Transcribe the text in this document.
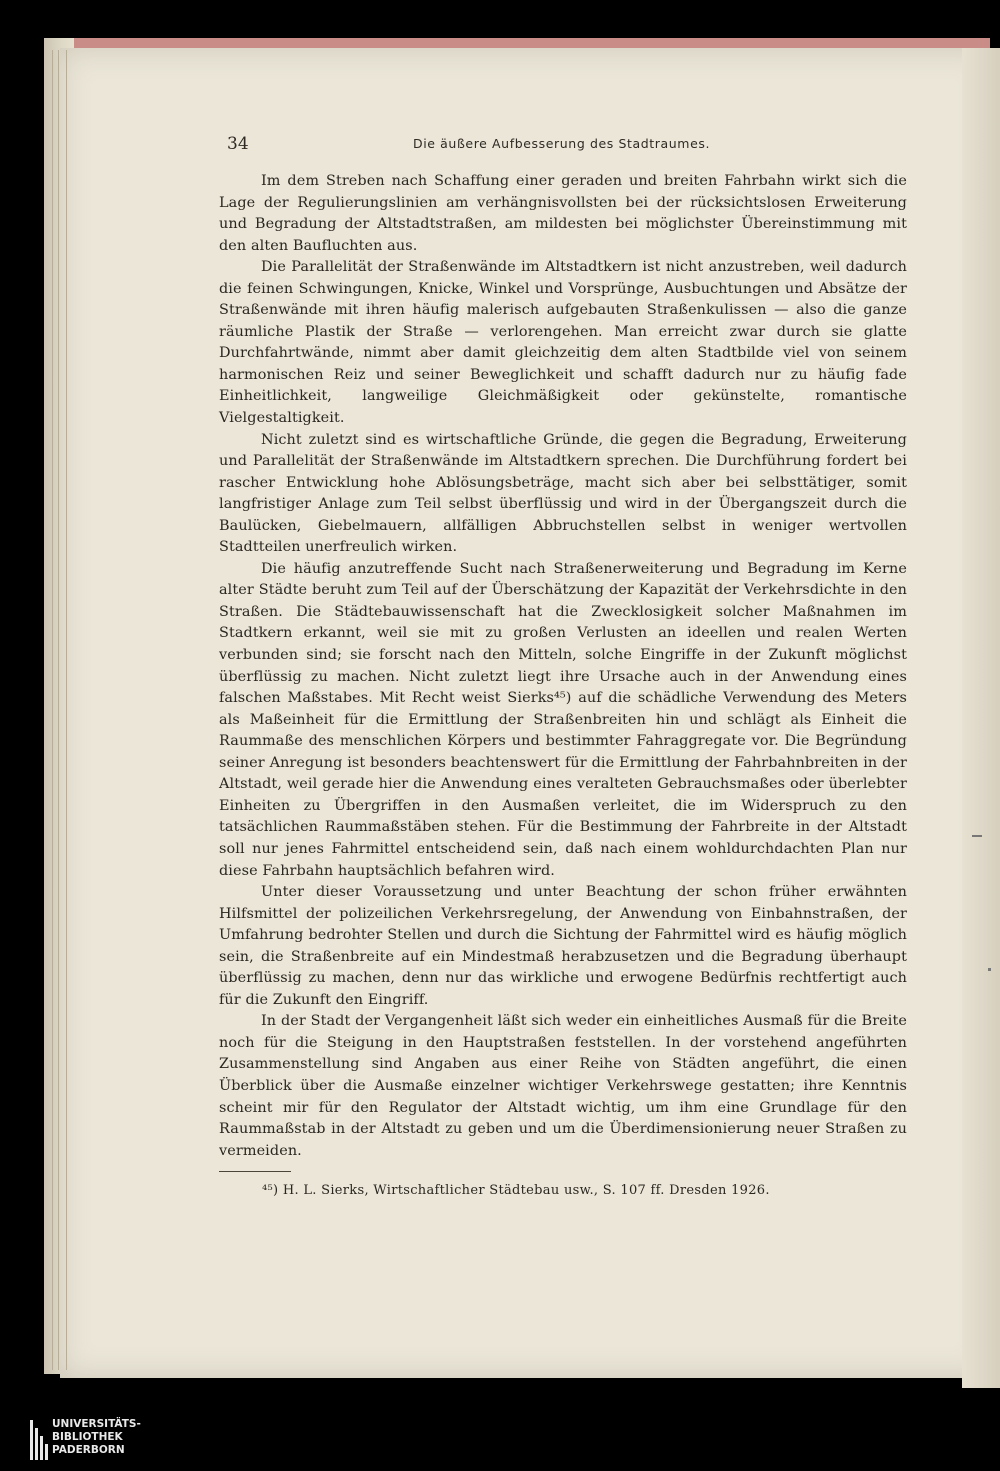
34	Die äußere Aufbesserung des Stadtraumes.

Im dem Streben nach Schaffung einer geraden und breiten Fahrbahn wirkt sich die Lage der Regulierungslinien am verhängnisvollsten bei der rücksichtslosen Erweiterung und Begradung der Altstadtstraßen, am mildesten bei möglichster Übereinstimmung mit den alten Baufluchten aus.

Die Parallelität der Straßenwände im Altstadtkern ist nicht anzustreben, weil dadurch die feinen Schwingungen, Knicke, Winkel und Vorsprünge, Ausbuchtungen und Absätze der Straßenwände mit ihren häufig malerisch aufgebauten Straßenkulissen — also die ganze räumliche Plastik der Straße — verlorengehen. Man erreicht zwar durch sie glatte Durchfahrtwände, nimmt aber damit gleichzeitig dem alten Stadtbilde viel von seinem harmonischen Reiz und seiner Beweglichkeit und schafft dadurch nur zu häufig fade Einheitlichkeit, langweilige Gleichmäßigkeit oder gekünstelte, romantische Vielgestaltigkeit.

Nicht zuletzt sind es wirtschaftliche Gründe, die gegen die Begradung, Erweiterung und Parallelität der Straßenwände im Altstadtkern sprechen. Die Durchführung fordert bei rascher Entwicklung hohe Ablösungsbeträge, macht sich aber bei selbsttätiger, somit langfristiger Anlage zum Teil selbst überflüssig und wird in der Übergangszeit durch die Baulücken, Giebelmauern, allfälligen Abbruchstellen selbst in weniger wertvollen Stadtteilen unerfreulich wirken.

Die häufig anzutreffende Sucht nach Straßenerweiterung und Begradung im Kerne alter Städte beruht zum Teil auf der Überschätzung der Kapazität der Verkehrsdichte in den Straßen. Die Städtebauwissenschaft hat die Zwecklosigkeit solcher Maßnahmen im Stadtkern erkannt, weil sie mit zu großen Verlusten an ideellen und realen Werten verbunden sind; sie forscht nach den Mitteln, solche Eingriffe in der Zukunft möglichst überflüssig zu machen. Nicht zuletzt liegt ihre Ursache auch in der Anwendung eines falschen Maßstabes. Mit Recht weist Sierks⁴⁵) auf die schädliche Verwendung des Meters als Maßeinheit für die Ermittlung der Straßenbreiten hin und schlägt als Einheit die Raummaße des menschlichen Körpers und bestimmter Fahraggregate vor. Die Begründung seiner Anregung ist besonders beachtenswert für die Ermittlung der Fahrbahnbreiten in der Altstadt, weil gerade hier die Anwendung eines veralteten Gebrauchsmaßes oder überlebter Einheiten zu Übergriffen in den Ausmaßen verleitet, die im Widerspruch zu den tatsächlichen Raummaßstäben stehen. Für die Bestimmung der Fahrbreite in der Altstadt soll nur jenes Fahrmittel entscheidend sein, daß nach einem wohldurchdachten Plan nur diese Fahrbahn hauptsächlich befahren wird.

Unter dieser Voraussetzung und unter Beachtung der schon früher erwähnten Hilfsmittel der polizeilichen Verkehrsregelung, der Anwendung von Einbahnstraßen, der Umfahrung bedrohter Stellen und durch die Sichtung der Fahrmittel wird es häufig möglich sein, die Straßenbreite auf ein Mindestmaß herabzusetzen und die Begradung überhaupt überflüssig zu machen, denn nur das wirkliche und erwogene Bedürfnis rechtfertigt auch für die Zukunft den Eingriff.

In der Stadt der Vergangenheit läßt sich weder ein einheitliches Ausmaß für die Breite noch für die Steigung in den Hauptstraßen feststellen. In der vorstehend angeführten Zusammenstellung sind Angaben aus einer Reihe von Städten angeführt, die einen Überblick über die Ausmaße einzelner wichtiger Verkehrswege gestatten; ihre Kenntnis scheint mir für den Regulator der Altstadt wichtig, um ihm eine Grundlage für den Raummaßstab in der Altstadt zu geben und um die Überdimensionierung neuer Straßen zu vermeiden.

⁴⁵) H. L. Sierks, Wirtschaftlicher Städtebau usw., S. 107 ff. Dresden 1926.
UNIVERSITÄTS-
BIBLIOTHEK
PADERBORN
